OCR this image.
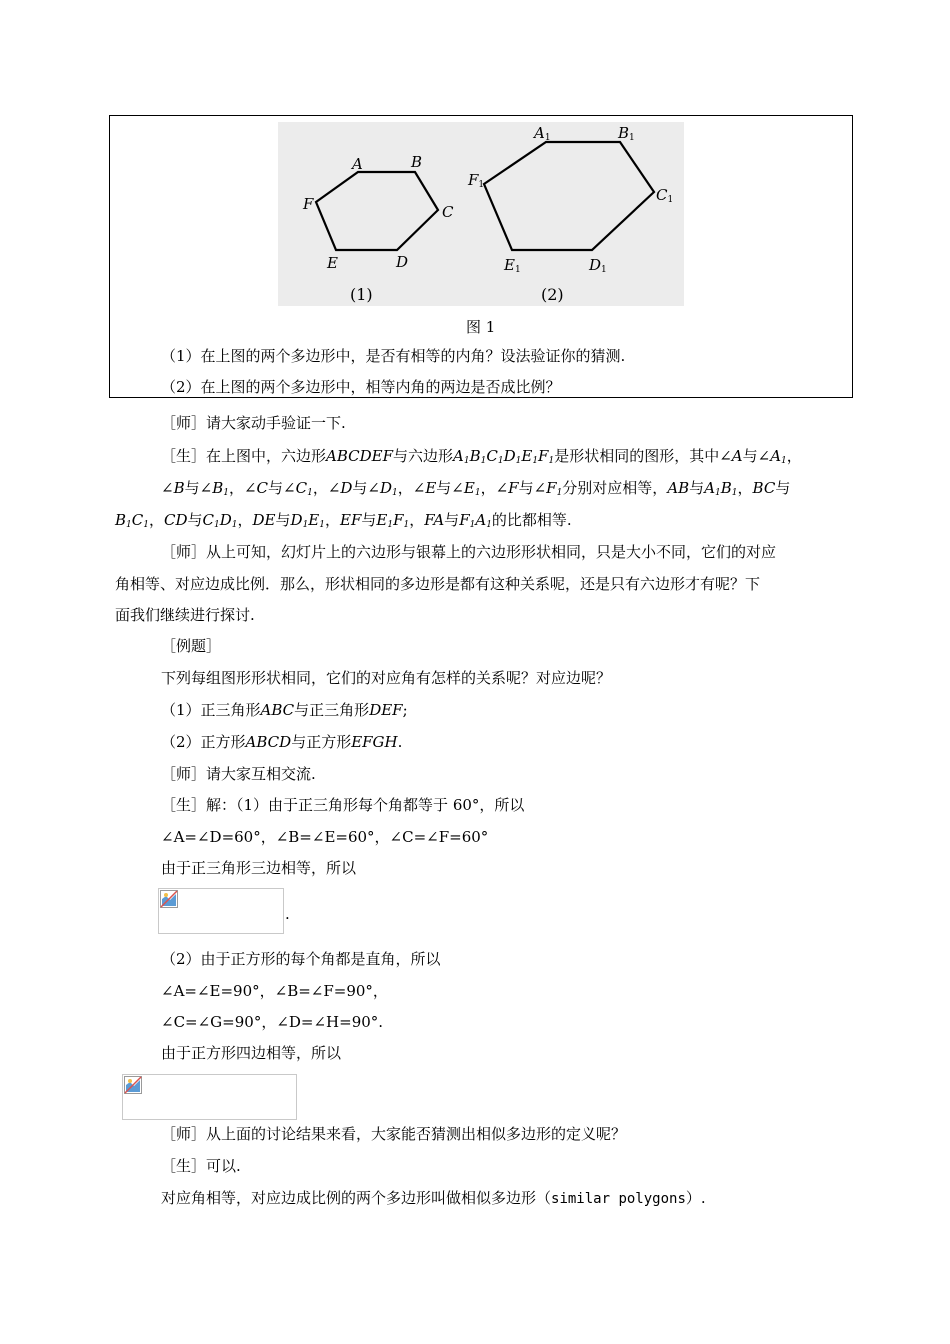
A	B
C
D
E
F
A1	B1
C1
D1
E1
F1
(1)	(2)
图 1
（1）在上图的两个多边形中，是否有相等的内角？设法验证你的猜测.
（2）在上图的两个多边形中，相等内角的两边是否成比例？
［师］请大家动手验证一下.
［生］在上图中，六边形ABCDEF与六边形$A_1B_1C_1D_1E_1F_1$是形状相同的图形，其中∠A与$\angle A_1$，
∠B与$\angle B_1$，∠C与$\angle C_1$，∠D与$\angle D_1$，∠E与$\angle E_1$，∠F与$\angle F_1$分别对应相等，AB与$A_1B_1$，BC与
$B_1C_1$，CD与$C_1D_1$，DE与$D_1E_1$，EF与$E_1F_1$，FA与$F_1A_1$的比都相等.
［师］从上可知，幻灯片上的六边形与银幕上的六边形形状相同，只是大小不同，它们的对应
角相等、对应边成比例．那么，形状相同的多边形是都有这种关系呢，还是只有六边形才有呢？下
面我们继续进行探讨.
［例题］
下列每组图形形状相同，它们的对应角有怎样的关系呢？对应边呢？
（1）正三角形ABC与正三角形DEF;
（2）正方形ABCD与正方形EFGH.
［师］请大家互相交流.
［生］解：（1）由于正三角形每个角都等于 60°，所以
∠A=∠D=60°，∠B=∠E=60°，∠C=∠F=60°
由于正三角形三边相等，所以
.
（2）由于正方形的每个角都是直角，所以
∠A=∠E=90°，∠B=∠F=90°，
∠C=∠G=90°，∠D=∠H=90°.
由于正方形四边相等，所以
［师］从上面的讨论结果来看，大家能否猜测出相似多边形的定义呢？
［生］可以.
对应角相等，对应边成比例的两个多边形叫做相似多边形（similar polygons）.
